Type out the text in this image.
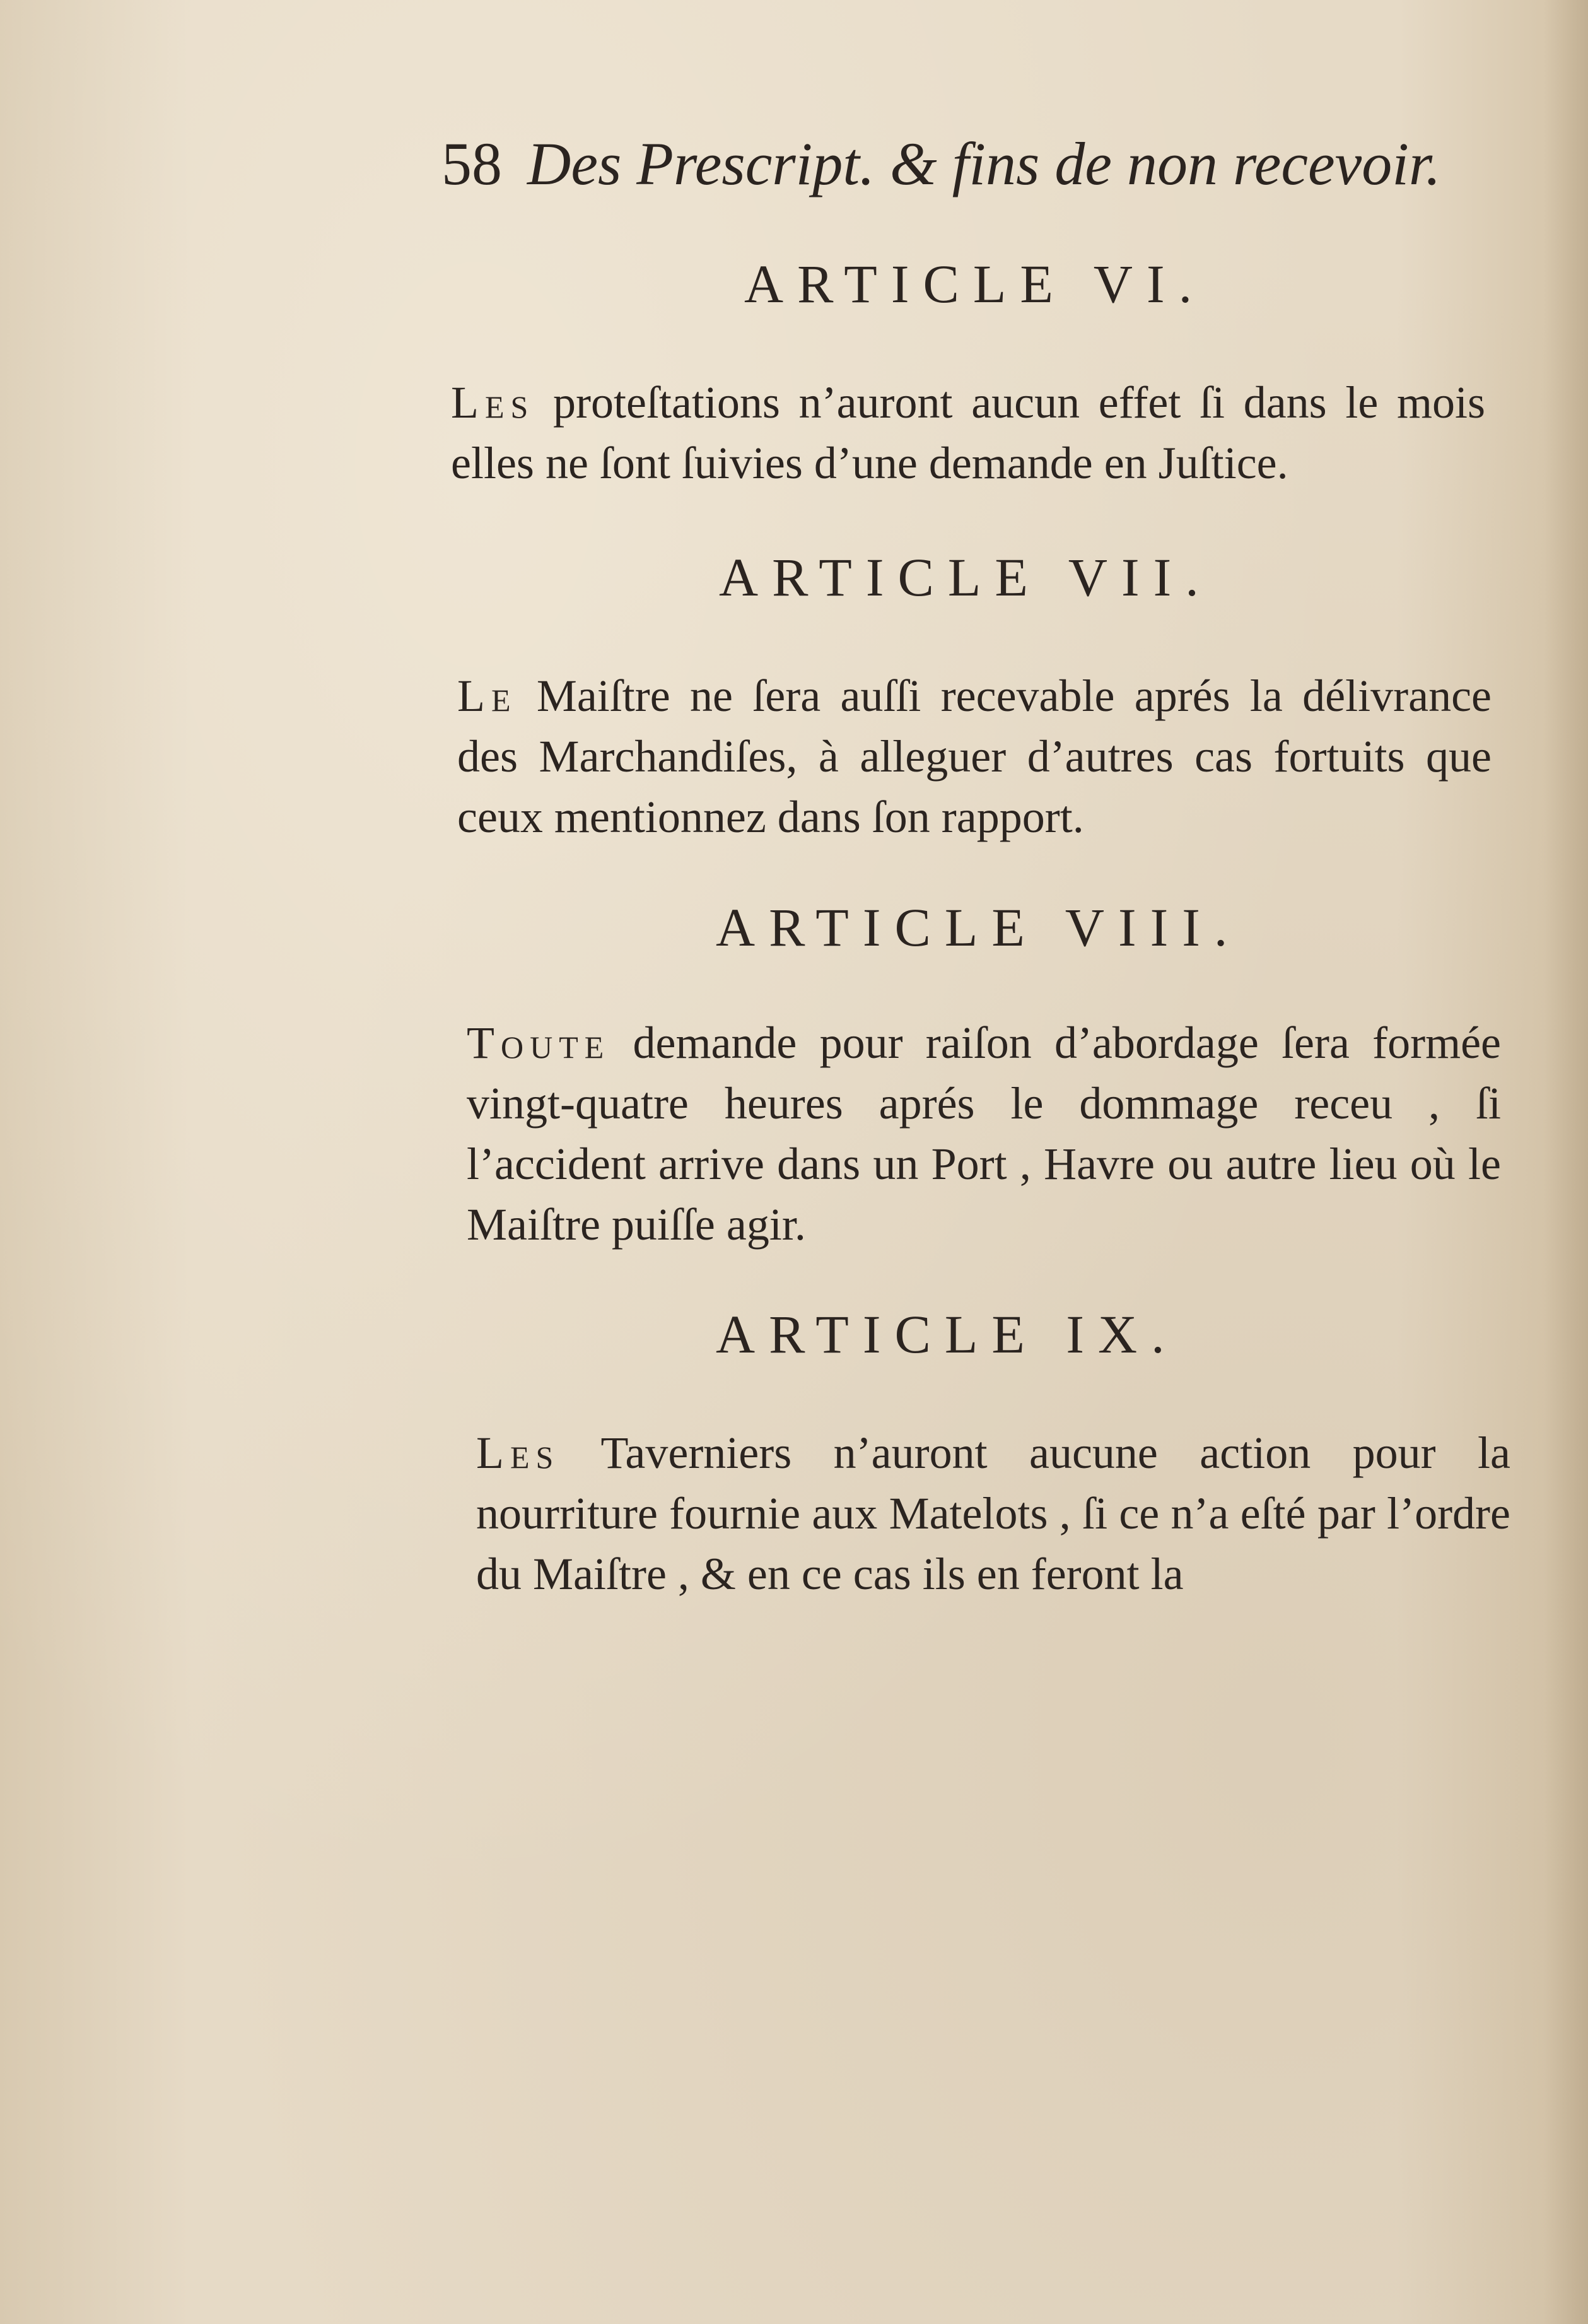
58 Des Prescript. & fins de non recevoir.
ARTICLE VI.
Les proteſtations n’auront aucun effet ſi dans le mois elles ne ſont ſuivies d’une demande en Juſtice.
ARTICLE VII.
Le Maiſtre ne ſera auſſi recevable aprés la délivrance des Marchandiſes, à alleguer d’autres cas fortuits que ceux mentionnez dans ſon rapport.
ARTICLE VIII.
Toute demande pour raiſon d’abordage ſera formée vingt-quatre heures aprés le dommage receu , ſi l’accident arrive dans un Port , Havre ou autre lieu où le Maiſtre puiſſe agir.
ARTICLE IX.
Les Taverniers n’auront aucune action pour la nourriture fournie aux Matelots , ſi ce n’a eſté par l’ordre du Maiſtre , & en ce cas ils en feront la
